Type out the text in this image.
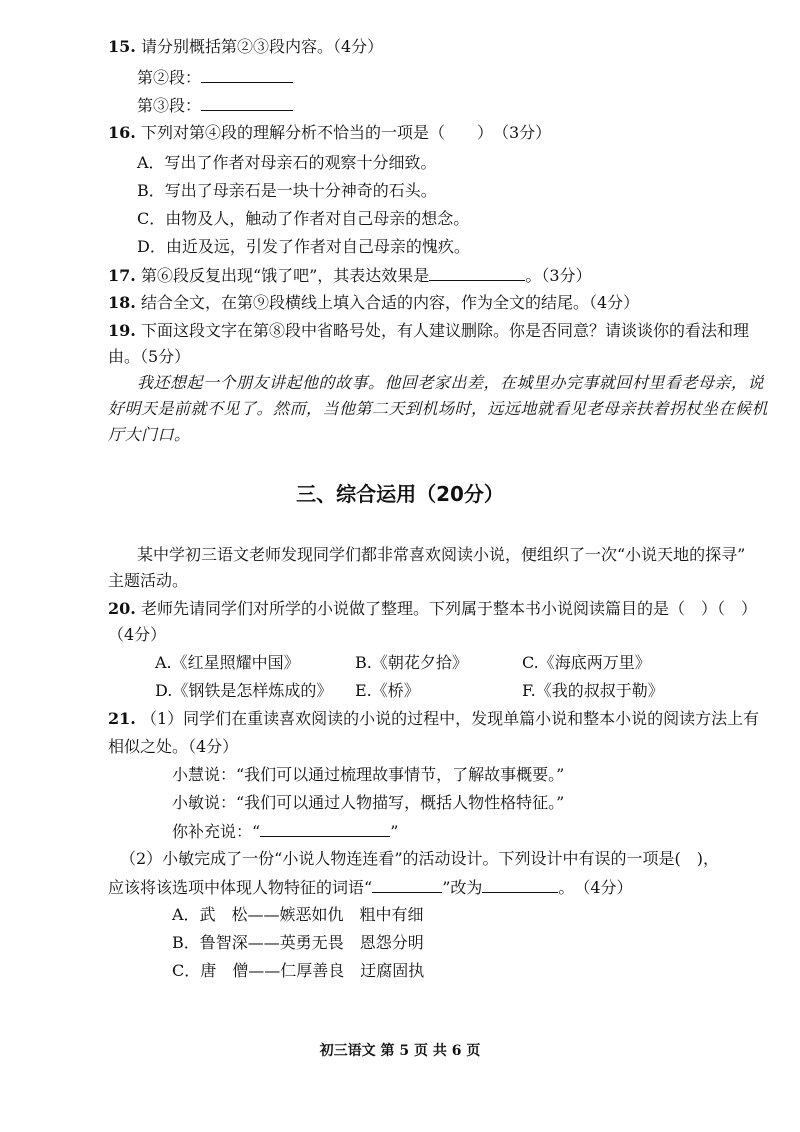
15. 请分别概括第②③段内容。（4分）
第②段：
第③段：
16. 下列对第④段的理解分析不恰当的一项是（　　）　（3分）
A．写出了作者对母亲石的观察十分细致。
B．写出了母亲石是一块十分神奇的石头。
C．由物及人，触动了作者对自己母亲的想念。
D．由近及远，引发了作者对自己母亲的愧疚。
17. 第⑥段反复出现“饿了吧”，其表达效果是	。（3分）
18. 结合全文，在第⑨段横线上填入合适的内容，作为全文的结尾。（4分）
19. 下面这段文字在第⑧段中省略号处，有人建议删除。你是否同意？请谈谈你的看法和理
由。（5分）
我还想起一个朋友讲起他的故事。他回老家出差，在城里办完事就回村里看老母亲，说
好明天是前就不见了。然而，当他第二天到机场时，远远地就看见老母亲扶着拐杖坐在候机
厅大门口。
三、综合运用（20分）
某中学初三语文老师发现同学们都非常喜欢阅读小说，便组织了一次“小说天地的探寻”
主题活动。
20. 老师先请同学们对所学的小说做了整理。下列属于整本书小说阅读篇目的是（　）（　）
（4分）
A.《红星照耀中国》	B.《朝花夕拾》	C.《海底两万里》
D.《钢铁是怎样炼成的》 E.《桥》	F.《我的叔叔于勒》
21. （1）同学们在重读喜欢阅读的小说的过程中，发现单篇小说和整本小说的阅读方法上有
相似之处。（4分）
小慧说：“我们可以通过梳理故事情节，了解故事概要。”
小敏说：“我们可以通过人物描写，概括人物性格特征。”
你补充说：“	”
（2）小敏完成了一份“小说人物连连看”的活动设计。下列设计中有误的一项是(　)，
应该将该选项中体现人物特征的词语“	”改为	。　（4分）
A．武　松——嫉恶如仇　粗中有细
B．鲁智深——英勇无畏　恩怨分明
C．唐　僧——仁厚善良　迂腐固执
初三语文 第 5 页 共 6 页
